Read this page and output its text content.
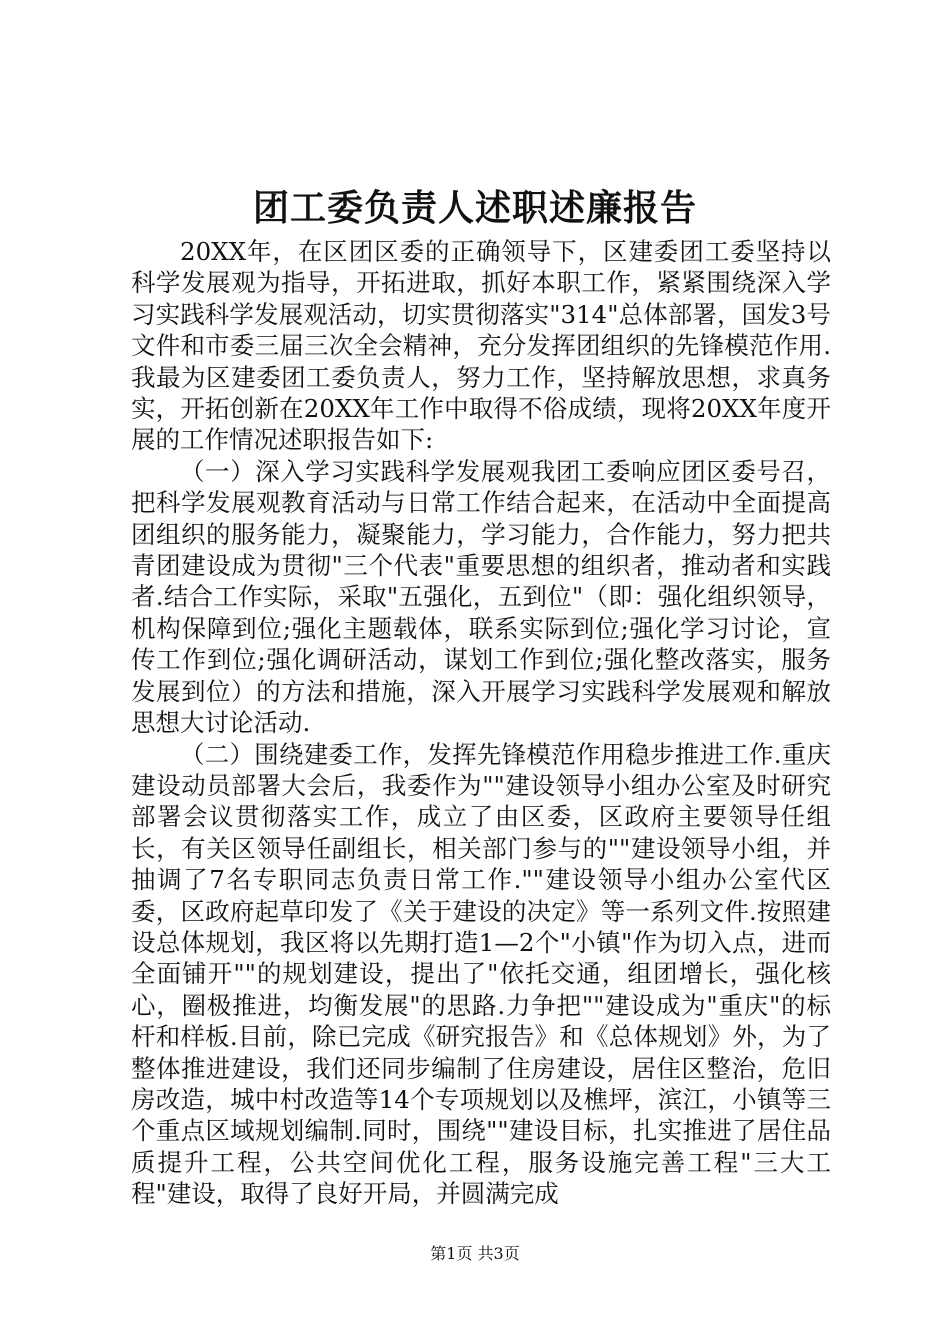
团工委负责人述职述廉报告

20XX年，在区团区委的正确领导下，区建委团工委坚持以科学发展观为指导，开拓进取，抓好本职工作，紧紧围绕深入学习实践科学发展观活动，切实贯彻落实"314"总体部署，国发3号文件和市委三届三次全会精神，充分发挥团组织的先锋模范作用.我最为区建委团工委负责人，努力工作，坚持解放思想，求真务实，开拓创新在20XX年工作中取得不俗成绩，现将20XX年度开展的工作情况述职报告如下:

（一）深入学习实践科学发展观我团工委响应团区委号召，把科学发展观教育活动与日常工作结合起来，在活动中全面提高团组织的服务能力，凝聚能力，学习能力，合作能力，努力把共青团建设成为贯彻"三个代表"重要思想的组织者，推动者和实践者.结合工作实际，采取"五强化，五到位"（即：强化组织领导，机构保障到位;强化主题载体，联系实际到位;强化学习讨论，宣传工作到位;强化调研活动，谋划工作到位;强化整改落实，服务发展到位）的方法和措施，深入开展学习实践科学发展观和解放思想大讨论活动.

（二）围绕建委工作，发挥先锋模范作用稳步推进工作.重庆建设动员部署大会后，我委作为""建设领导小组办公室及时研究部署会议贯彻落实工作，成立了由区委，区政府主要领导任组长，有关区领导任副组长，相关部门参与的""建设领导小组，并抽调了7名专职同志负责日常工作.""建设领导小组办公室代区委，区政府起草印发了《关于建设的决定》等一系列文件.按照建设总体规划，我区将以先期打造1—2个"小镇"作为切入点，进而全面铺开""的规划建设，提出了"依托交通，组团增长，强化核心，圈极推进，均衡发展"的思路.力争把""建设成为"重庆"的标杆和样板.目前，除已完成《研究报告》和《总体规划》外，为了整体推进建设，我们还同步编制了住房建设，居住区整治，危旧房改造，城中村改造等14个专项规划以及樵坪，滨江，小镇等三个重点区域规划编制.同时，围绕""建设目标，扎实推进了居住品质提升工程，公共空间优化工程，服务设施完善工程"三大工程"建设，取得了良好开局，并圆满完成

第1页 共3页
